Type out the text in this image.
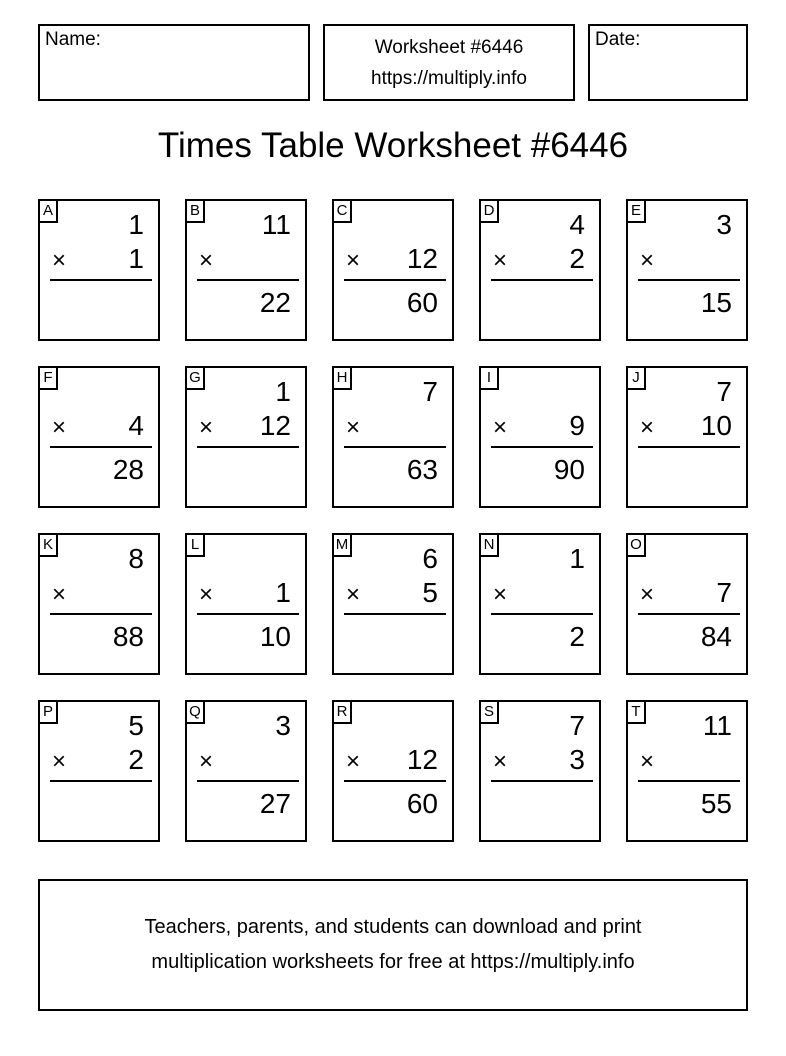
Name:	Worksheet #6446
https://multiply.info
Date:
Times Table Worksheet #6446
A	1
× 1
B 11
×
22
C
× 12
60
D	4
× 2
E	3
×
15
F
× 4
28
G	1
× 12
H	7
×
63
I
× 9
90
J	7
× 10
K	8
×
88
L
× 1
10
M	6
× 5
N	1
×
2
O
× 7
84
P	5
× 2
Q	3
×
27
R
× 12
60
S	7
× 3
T 11
×
55
Teachers, parents, and students can download and print
multiplication worksheets for free at https://multiply.info
